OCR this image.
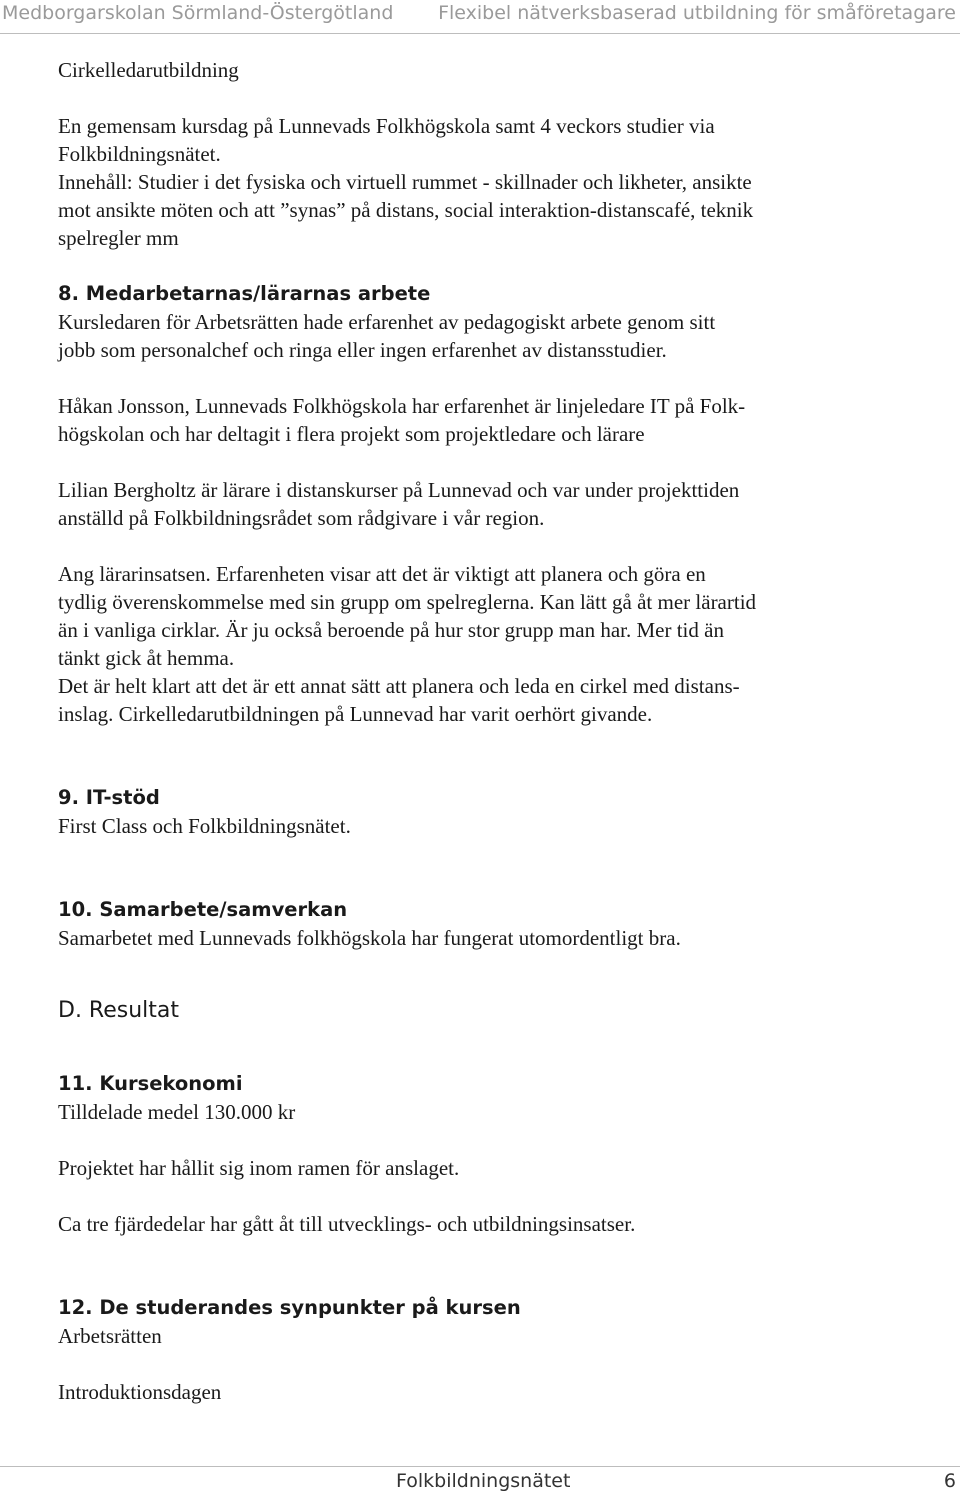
Medborgarskolan Sörmland-Östergötland Flexibel nätverksbaserad utbildning för småföretagare

Cirkelledarutbildning

En gemensam kursdag på Lunnevads Folkhögskola samt 4 veckors studier via

Folkbildningsnätet.

Innehåll: Studier i det fysiska och virtuell rummet - skillnader och likheter, ansikte

mot ansikte möten och att ”synas” på distans, social interaktion-distanscafé, teknik

spelregler mm

8. Medarbetarnas/lärarnas arbete

Kursledaren för Arbetsrätten hade erfarenhet av pedagogiskt arbete genom sitt

jobb som personalchef och ringa eller ingen erfarenhet av distansstudier.

Håkan Jonsson, Lunnevads Folkhögskola har erfarenhet är linjeledare IT på Folk-

högskolan och har deltagit i flera projekt som projektledare och lärare

Lilian Bergholtz är lärare i distanskurser på Lunnevad och var under projekttiden

anställd på Folkbildningsrådet som rådgivare i vår region.

Ang lärarinsatsen. Erfarenheten visar att det är viktigt att planera och göra en

tydlig överenskommelse med sin grupp om spelreglerna. Kan lätt gå åt mer lärartid

än i vanliga cirklar. Är ju också beroende på hur stor grupp man har. Mer tid än

tänkt gick åt hemma.

Det är helt klart att det är ett annat sätt att planera och leda en cirkel med distans-

inslag. Cirkelledarutbildningen på Lunnevad har varit oerhört givande.

9. IT-stöd

First Class och Folkbildningsnätet.

10. Samarbete/samverkan

Samarbetet med Lunnevads folkhögskola har fungerat utomordentligt bra.

D. Resultat

11. Kursekonomi

Tilldelade medel 130.000 kr

Projektet har hållit sig inom ramen för anslaget.

Ca tre fjärdedelar har gått åt till utvecklings- och utbildningsinsatser.

12. De studerandes synpunkter på kursen

Arbetsrätten

Introduktionsdagen

Folkbildningsnätet	6
